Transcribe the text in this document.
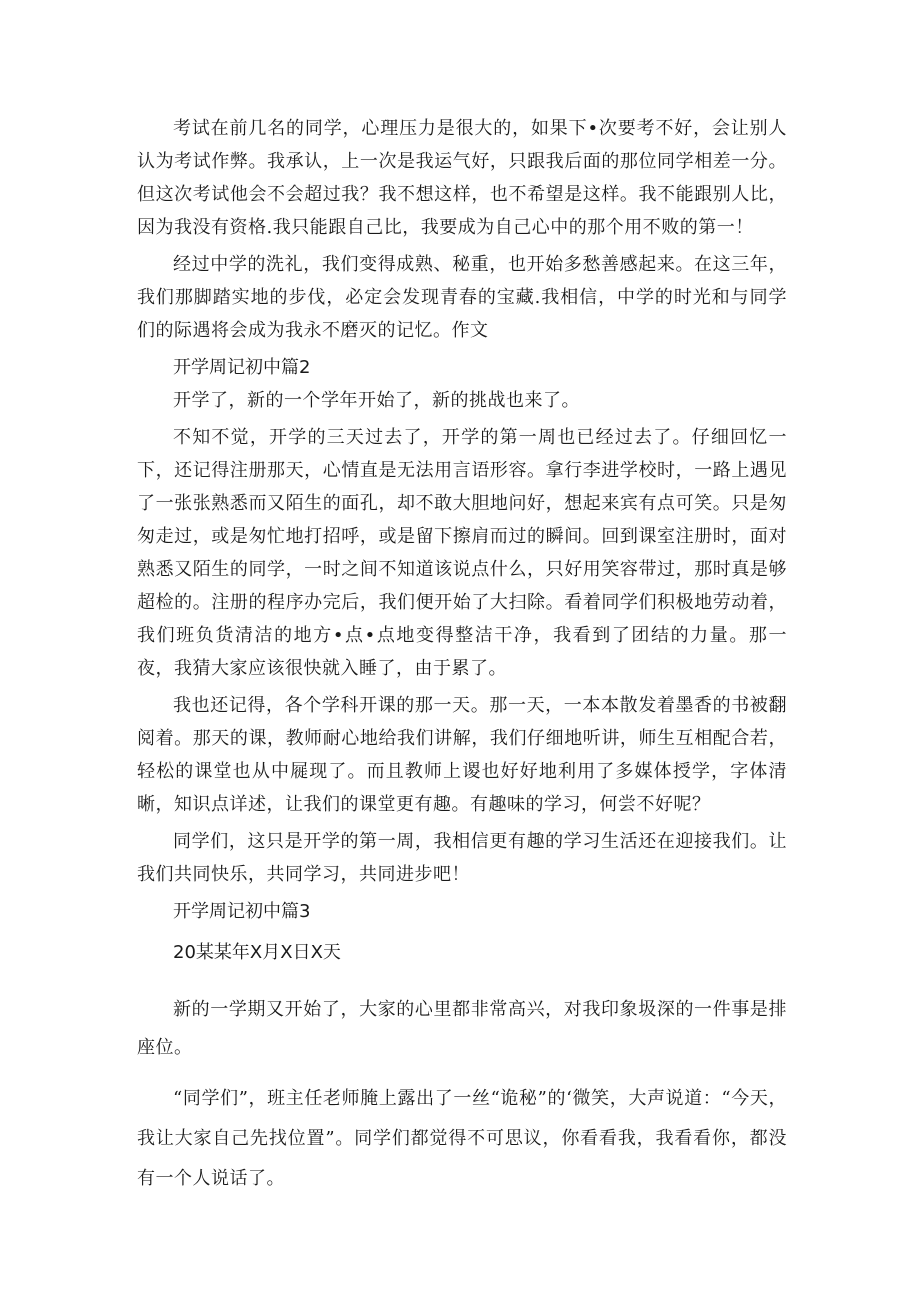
考试在前几名的同学，心理压力是很大的，如果下•次要考不好，会让别人认为考试作弊。我承认，上一次是我运气好，只跟我后面的那位同学相差一分。但这次考试他会不会超过我？我不想这样，也不希望是这样。我不能跟别人比，因为我没有资格.我只能跟自己比，我要成为自己心中的那个用不败的第一！

经过中学的洗礼，我们变得成熟、秘重，也开始多愁善感起来。在这三年，我们那脚踏实地的步伐，必定会发现青春的宝藏.我相信，中学的时光和与同学们的际遇将会成为我永不磨灭的记忆。作文

开学周记初中篇2

开学了，新的一个学年开始了，新的挑战也来了。

不知不觉，开学的三天过去了，开学的第一周也已经过去了。仔细回忆一下，还记得注册那天，心情直是无法用言语形容。拿行李进学校时，一路上遇见了一张张熟悉而又陌生的面孔，却不敢大胆地问好，想起来宾有点可笑。只是匆匆走过，或是匆忙地打招呼，或是留下擦肩而过的瞬间。回到课室注册时，面对熟悉又陌生的同学，一时之间不知道该说点什么，只好用笑容带过，那时真是够超检的。注册的程序办完后，我们便开始了大扫除。看着同学们积极地劳动着，我们班负货清洁的地方•点•点地变得整洁干净，我看到了团结的力量。那一夜，我猜大家应该很快就入睡了，由于累了。

我也还记得，各个学科开课的那一天。那一天，一本本散发着墨香的书被翻阅着。那天的课，教师耐心地给我们讲解，我们仔细地听讲，师生互相配合若，轻松的课堂也从中屣现了。而且教师上谡也好好地利用了多媒体授学，字体清晰，知识点详述，让我们的课堂更有趣。有趣味的学习，何尝不好呢？

同学们，这只是开学的第一周，我相信更有趣的学习生活还在迎接我们。让我们共同快乐，共同学习，共同进步吧！

开学周记初中篇3

20某某年X月X日X天

新的一学期又开始了，大家的心里都非常高兴，对我印象圾深的一件事是排座位。

“同学们”，班主任老师腌上露出了一丝“诡秘”的‘微笑，大声说道：“今天，我让大家自己先找位置”。同学们都觉得不可思议，你看看我，我看看你，都没有一个人说话了。
